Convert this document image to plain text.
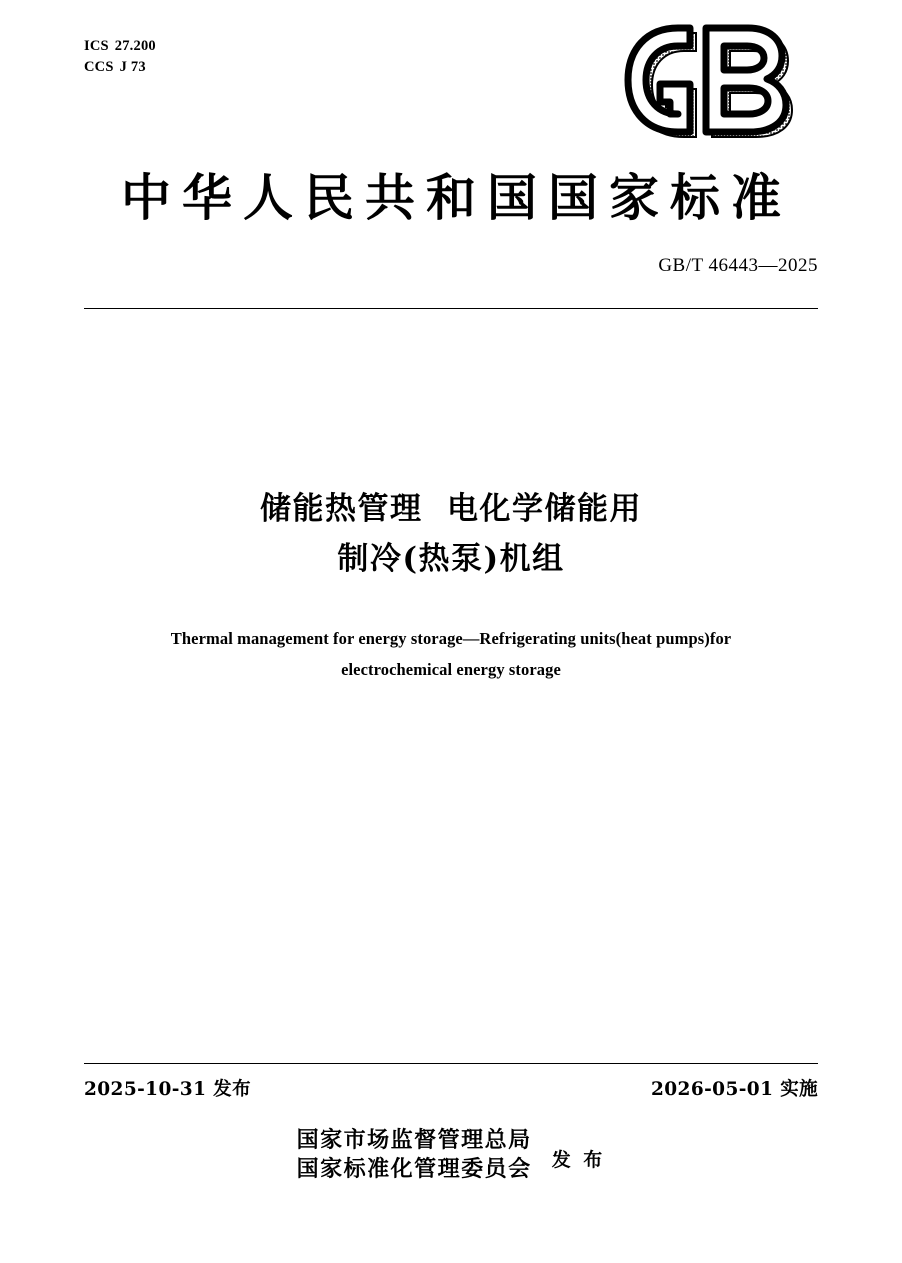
ICS 27.200
CCS J 73
中华人民共和国国家标准
GB/T 46443—2025
储能热管理  电化学储能用
制冷(热泵)机组
Thermal management for energy storage—Refrigerating units(heat pumps)for
electrochemical energy storage
2025-10-31 发布	2026-05-01 实施
国家市场监督管理总局
国家标准化管理委员会 发 布
